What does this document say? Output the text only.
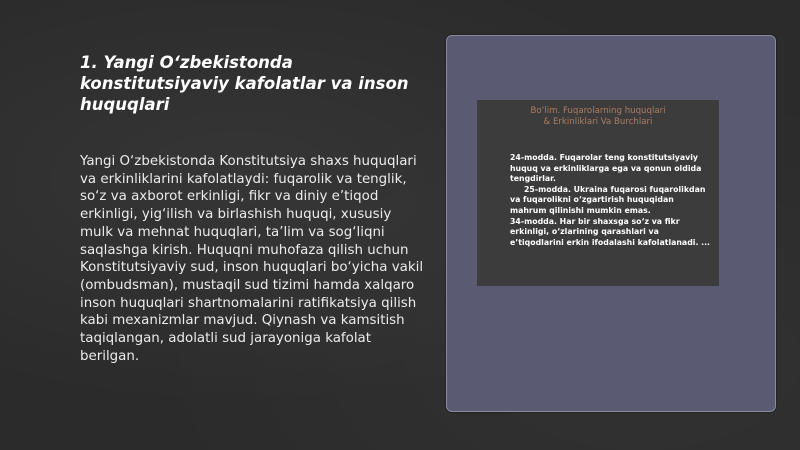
1. Yangi O‘zbekistonda konstitutsiyaviy kafolatlar va inson huquqlari
Yangi O‘zbekistonda Konstitutsiya shaxs huquqlari va erkinliklarini kafolatlaydi: fuqarolik va tenglik, so‘z va axborot erkinligi, fikr va diniy e’tiqod erkinligi, yig‘ilish va birlashish huquqi, xususiy mulk va mehnat huquqlari, ta’lim va sog‘liqni saqlashga kirish. Huquqni muhofaza qilish uchun Konstitutsiyaviy sud, inson huquqlari bo‘yicha vakil (ombudsman), mustaqil sud tizimi hamda xalqaro inson huquqlari shartnomalarini ratifikatsiya qilish kabi mexanizmlar mavjud. Qiynash va kamsitish taqiqlangan, adolatli sud jarayoniga kafolat berilgan.
Bo‘lim. Fuqarolarning huquqlari
& Erkinliklari Va Burchlari

24-modda. Fuqarolar teng konstitutsiyaviy huquq va erkinliklarga ega va qonun oldida tengdirlar.

25-modda. Ukraina fuqarosi fuqarolikdan va fuqarolikni o‘zgartirish huquqidan mahrum qilinishi mumkin emas.

34-modda. Har bir shaxsga so‘z va fikr erkinligi, o‘zlarining qarashlari va e’tiqodlarini erkin ifodalashi kafolatlanadi. ...
